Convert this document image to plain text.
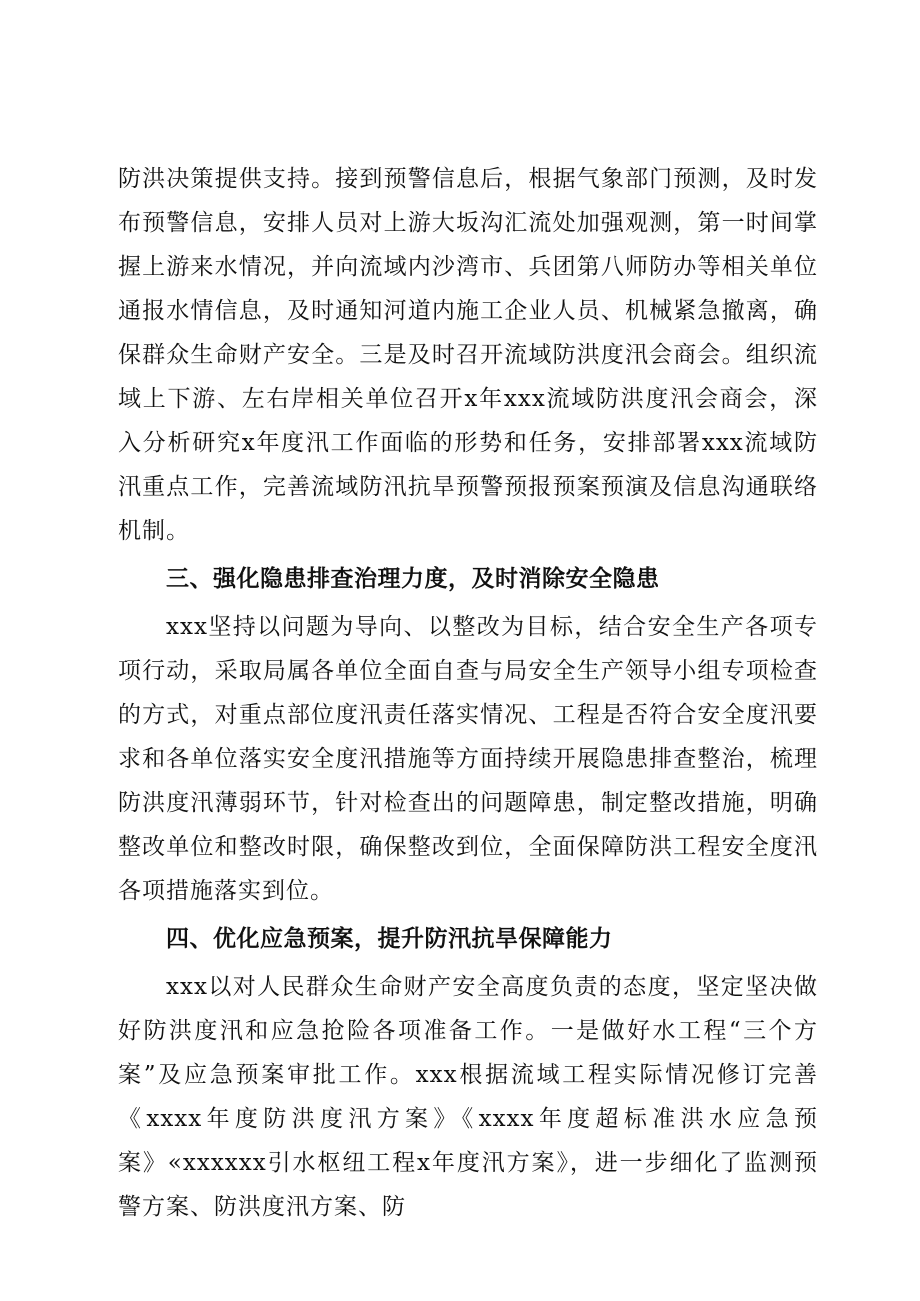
防洪决策提供支持。接到预警信息后，根据气象部门预测，及时发布预警信息，安排人员对上游大坂沟汇流处加强观测，第一时间掌握上游来水情况，并向流域内沙湾市、兵团第八师防办等相关单位通报水情信息，及时通知河道内施工企业人员、机械紧急撤离，确保群众生命财产安全。三是及时召开流域防洪度汛会商会。组织流域上下游、左右岸相关单位召开x年xxx流域防洪度汛会商会，深入分析研究x年度汛工作面临的形势和任务，安排部署xxx流域防汛重点工作，完善流域防汛抗旱预警预报预案预演及信息沟通联络机制。

三、强化隐患排查治理力度，及时消除安全隐患

xxx坚持以问题为导向、以整改为目标，结合安全生产各项专项行动，采取局属各单位全面自查与局安全生产领导小组专项检查的方式，对重点部位度汛责任落实情况、工程是否符合安全度汛要求和各单位落实安全度汛措施等方面持续开展隐患排查整治，梳理防洪度汛薄弱环节，针对检查出的问题障患，制定整改措施，明确整改单位和整改时限，确保整改到位，全面保障防洪工程安全度汛各项措施落实到位。

四、优化应急预案，提升防汛抗旱保障能力

xxx以对人民群众生命财产安全高度负责的态度，坚定坚决做好防洪度汛和应急抢险各项准备工作。一是做好水工程“三个方案”及应急预案审批工作。xxx根据流域工程实际情况修订完善《xxxx年度防洪度汛方案》《xxxx年度超标准洪水应急预案》«xxxxxx引水枢纽工程x年度汛方案》，进一步细化了监测预警方案、防洪度汛方案、防
